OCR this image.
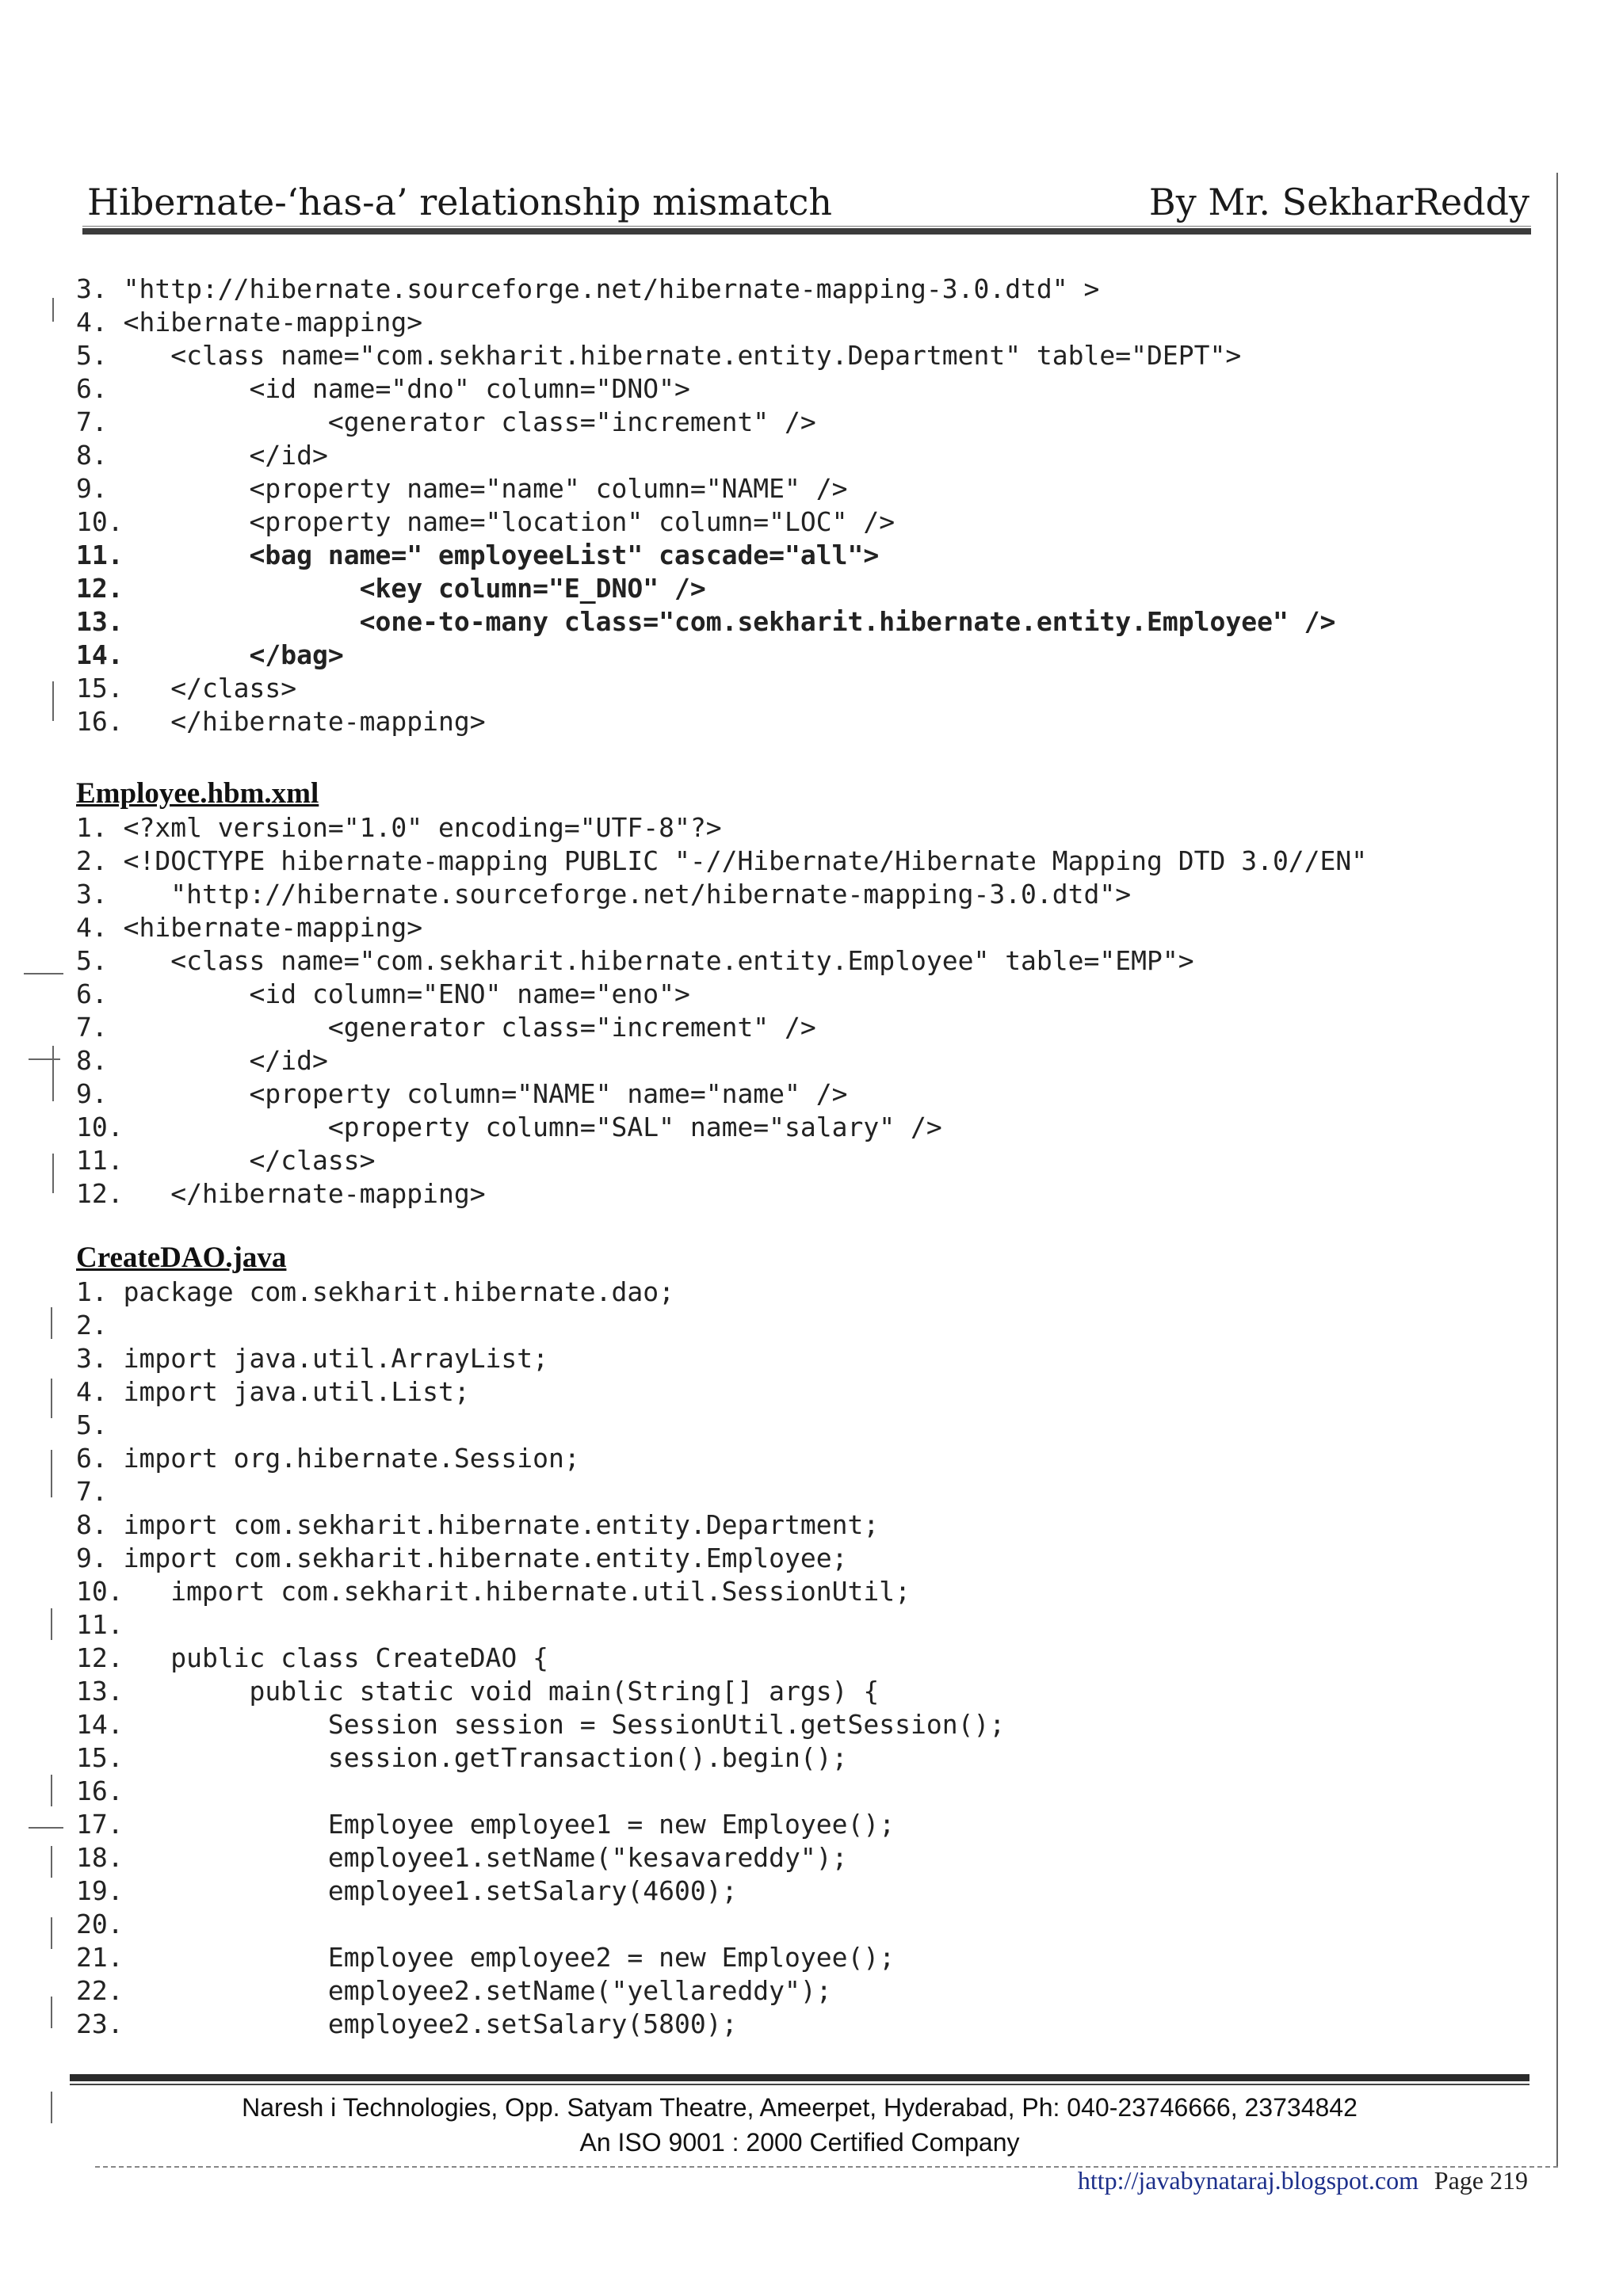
Hibernate-‘has-a’ relationship mismatch	By Mr. SekharReddy
3. "http://hibernate.sourceforge.net/hibernate-mapping-3.0.dtd" >
4. <hibernate-mapping>
5.    <class name="com.sekharit.hibernate.entity.Department" table="DEPT">
6.         <id name="dno" column="DNO">
7.              <generator class="increment" />
8.         </id>
9.         <property name="name" column="NAME" />
10.        <property name="location" column="LOC" />
11.        <bag name=" employeeList" cascade="all">
12.               <key column="E_DNO" />
13.               <one-to-many class="com.sekharit.hibernate.entity.Employee" />
14.        </bag>
15.   </class>
16.   </hibernate-mapping>
Employee.hbm.xml
1. <?xml version="1.0" encoding="UTF-8"?>
2. <!DOCTYPE hibernate-mapping PUBLIC "-//Hibernate/Hibernate Mapping DTD 3.0//EN"
3.    "http://hibernate.sourceforge.net/hibernate-mapping-3.0.dtd">
4. <hibernate-mapping>
5.    <class name="com.sekharit.hibernate.entity.Employee" table="EMP">
6.         <id column="ENO" name="eno">
7.              <generator class="increment" />
8.         </id>
9.         <property column="NAME" name="name" />
10.             <property column="SAL" name="salary" />
11.        </class>
12.   </hibernate-mapping>
CreateDAO.java
1. package com.sekharit.hibernate.dao;
2.
3. import java.util.ArrayList;
4. import java.util.List;
5.
6. import org.hibernate.Session;
7.
8. import com.sekharit.hibernate.entity.Department;
9. import com.sekharit.hibernate.entity.Employee;
10.   import com.sekharit.hibernate.util.SessionUtil;
11.
12.   public class CreateDAO {
13.        public static void main(String[] args) {
14.             Session session = SessionUtil.getSession();
15.             session.getTransaction().begin();
16.
17.             Employee employee1 = new Employee();
18.             employee1.setName("kesavareddy");
19.             employee1.setSalary(4600);
20.
21.             Employee employee2 = new Employee();
22.             employee2.setName("yellareddy");
23.             employee2.setSalary(5800);
Naresh i Technologies, Opp. Satyam Theatre, Ameerpet, Hyderabad, Ph: 040-23746666, 23734842
An ISO 9001 : 2000 Certified Company
http://javabynataraj.blogspot.com Page 219
